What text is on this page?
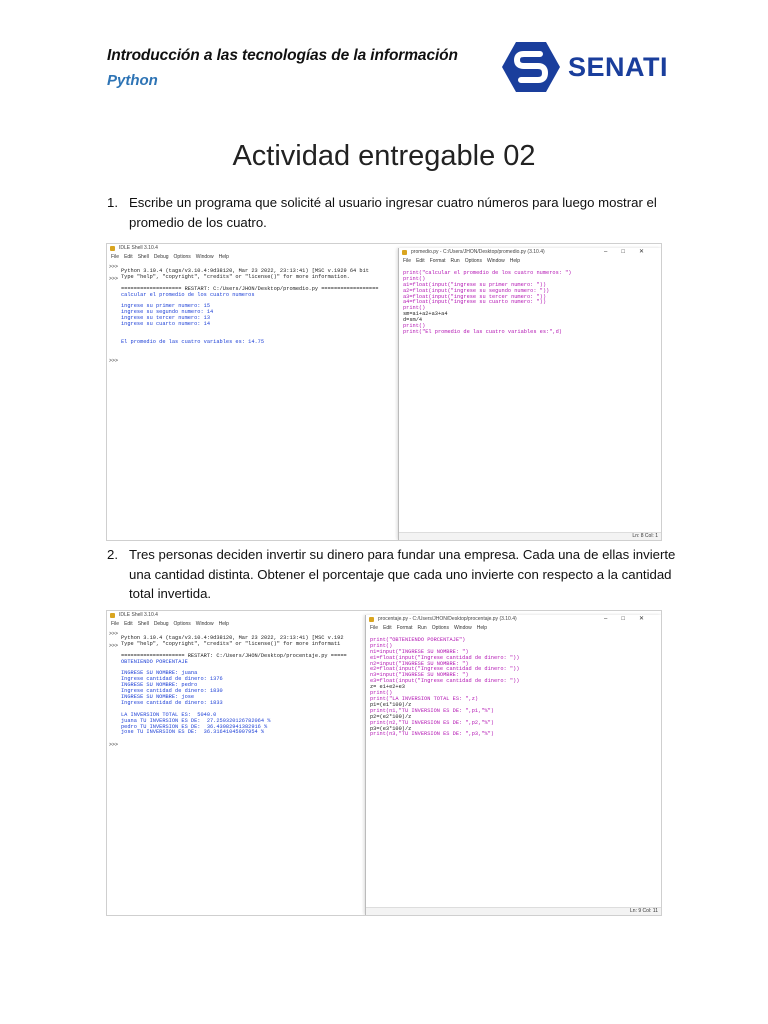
Introducción a las tecnologías de la información
Python	SENATI
Actividad entregable 02
1. Escribe un programa que solicité al usuario ingresar cuatro números para luego mostrar el promedio de los cuatro.
IDLE Shell 3.10.4
File Edit Shell Debug Options Window Help
>>>
>>>
>>>

Python 3.10.4 (tags/v3.10.4:9d38120, Mar 23 2022, 23:13:41) [MSC v.1929 64 bit
Type "help", "copyright", "credits" or "license()" for more information.

=================== RESTART: C:/Users/JHON/Desktop/promedio.py ==================
calcular el promedio de los cuatro numeros

ingrese su primer numero: 15
ingrese su segundo numero: 14
ingrese su tercer numero: 13
ingrese su cuarto numero: 14

El promedio de las cuatro variables es: 14.75
promedio.py - C:/Users/JHON/Desktop/promedio.py (3.10.4)	–□✕
File Edit Format Run Options Window Help

print("calcular el promedio de los cuatro numeros: ")
print()
a1=float(input("ingrese su primer numero: "))
a2=float(input("ingrese su segundo numero: "))
a3=float(input("ingrese su tercer numero: "))
a4=float(input("ingrese su cuarto numero: "))
print()
sm=a1+a2+a3+a4
d=sm/4
print()
print("El promedio de las cuatro variables es:",d)
Ln: 8 Col: 1
2. Tres personas deciden invertir su dinero para fundar una empresa. Cada una de ellas invierte una cantidad distinta. Obtener el porcentaje que cada uno invierte con respecto a la cantidad total invertida.
IDLE Shell 3.10.4
File Edit Shell Debug Options Window Help
>>>
>>>
>>>

Python 3.10.4 (tags/v3.10.4:9d38120, Mar 23 2022, 23:13:41) [MSC v.192
Type "help", "copyright", "credits" or "license()" for more informati

==================== RESTART: C:/Users/JHON/Desktop/procentaje.py =====
OBTENIENDO PORCENTAJE

INGRESE SU NOMBRE: juana
Ingrese cantidad de dinero: 1376
INGRESE SU NOMBRE: pedro
Ingrese cantidad de dinero: 1830
INGRESE SU NOMBRE: jose
Ingrese cantidad de dinero: 1833

LA INVERSION TOTAL ES:  5040.0
juana TU INVERSION ES DE:  27.250320126782064 %
pedro TU INVERSION ES DE:  36.43082941382916 %
jose TU INVERSION ES DE:  36.31641045907954 %
procentaje.py - C:/Users/JHON/Desktop/procentaje.py (3.10.4)	–□✕
File Edit Format Run Options Window Help

print("OBTENIENDO PORCENTAJE")
print()
n1=input("INGRESE SU NOMBRE: ")
e1=float(input("Ingrese cantidad de dinero: "))
n2=input("INGRESE SU NOMBRE: ")
e2=float(input("Ingrese cantidad de dinero: "))
n3=input("INGRESE SU NOMBRE: ")
e3=float(input("Ingrese cantidad de dinero: "))
z= e1+e2+e3
print()
print("LA INVERSION TOTAL ES: ",z)
p1=(e1*100)/z
print(n1,"TU INVERSION ES DE: ",p1,"%")
p2=(e2*100)/z
print(n2,"TU INVERSION ES DE: ",p2,"%")
p3=(e3*100)/z
print(n3,"TU INVERSION ES DE: ",p3,"%")
Ln: 9 Col: 11
